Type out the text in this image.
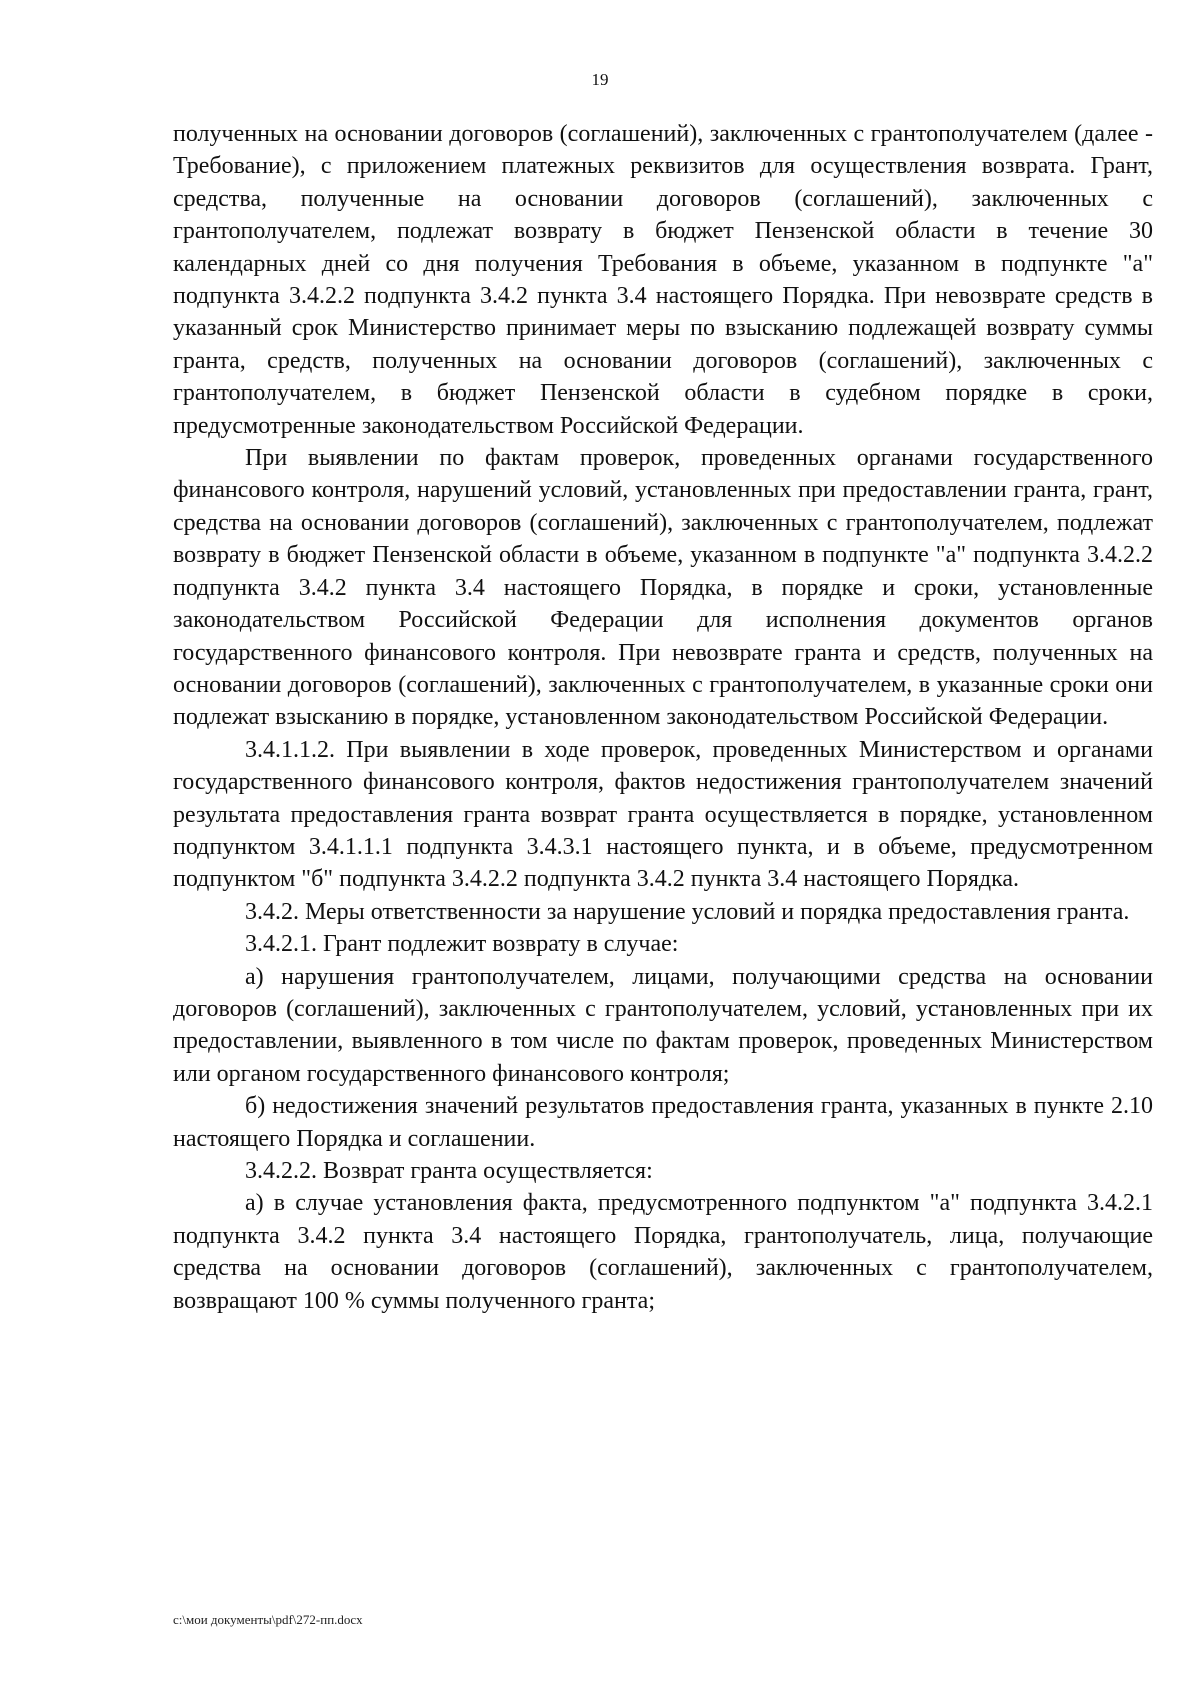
19

полученных на основании договоров (соглашений), заключенных с грантополучателем (далее - Требование), с приложением платежных реквизитов для осуществления возврата. Грант, средства, полученные на основании договоров (соглашений), заключенных с грантополучателем, подлежат возврату в бюджет Пензенской области в течение 30 календарных дней со дня получения Требования в объеме, указанном в подпункте "а" подпункта 3.4.2.2 подпункта 3.4.2 пункта 3.4 настоящего Порядка. При невозврате средств в указанный срок Министерство принимает меры по взысканию подлежащей возврату суммы гранта, средств, полученных на основании договоров (соглашений), заключенных с грантополучателем, в бюджет Пензенской области в судебном порядке в сроки, предусмотренные законодательством Российской Федерации.

При выявлении по фактам проверок, проведенных органами государственного финансового контроля, нарушений условий, установленных при предоставлении гранта, грант, средства на основании договоров (соглашений), заключенных с грантополучателем, подлежат возврату в бюджет Пензенской области в объеме, указанном в подпункте "а" подпункта 3.4.2.2 подпункта 3.4.2 пункта 3.4 настоящего Порядка, в порядке и сроки, установленные законодательством Российской Федерации для исполнения документов органов государственного финансового контроля. При невозврате гранта и средств, полученных на основании договоров (соглашений), заключенных с грантополучателем, в указанные сроки они подлежат взысканию в порядке, установленном законодательством Российской Федерации.

3.4.1.1.2. При выявлении в ходе проверок, проведенных Министерством и органами государственного финансового контроля, фактов недостижения грантополучателем значений результата предоставления гранта возврат гранта осуществляется в порядке, установленном подпунктом 3.4.1.1.1 подпункта 3.4.3.1 настоящего пункта, и в объеме, предусмотренном подпунктом "б" подпункта 3.4.2.2 подпункта 3.4.2 пункта 3.4 настоящего Порядка.

3.4.2. Меры ответственности за нарушение условий и порядка предоставления гранта.

3.4.2.1. Грант подлежит возврату в случае:

а) нарушения грантополучателем, лицами, получающими средства на основании договоров (соглашений), заключенных с грантополучателем, условий, установленных при их предоставлении, выявленного в том числе по фактам проверок, проведенных Министерством или органом государственного финансового контроля;

б) недостижения значений результатов предоставления гранта, указанных в пункте 2.10 настоящего Порядка и соглашении.

3.4.2.2. Возврат гранта осуществляется:

а) в случае установления факта, предусмотренного подпунктом "а" подпункта 3.4.2.1 подпункта 3.4.2 пункта 3.4 настоящего Порядка, грантополучатель, лица, получающие средства на основании договоров (соглашений), заключенных с грантополучателем, возвращают 100 % суммы полученного гранта;

c:\мои документы\pdf\272-пп.docx
